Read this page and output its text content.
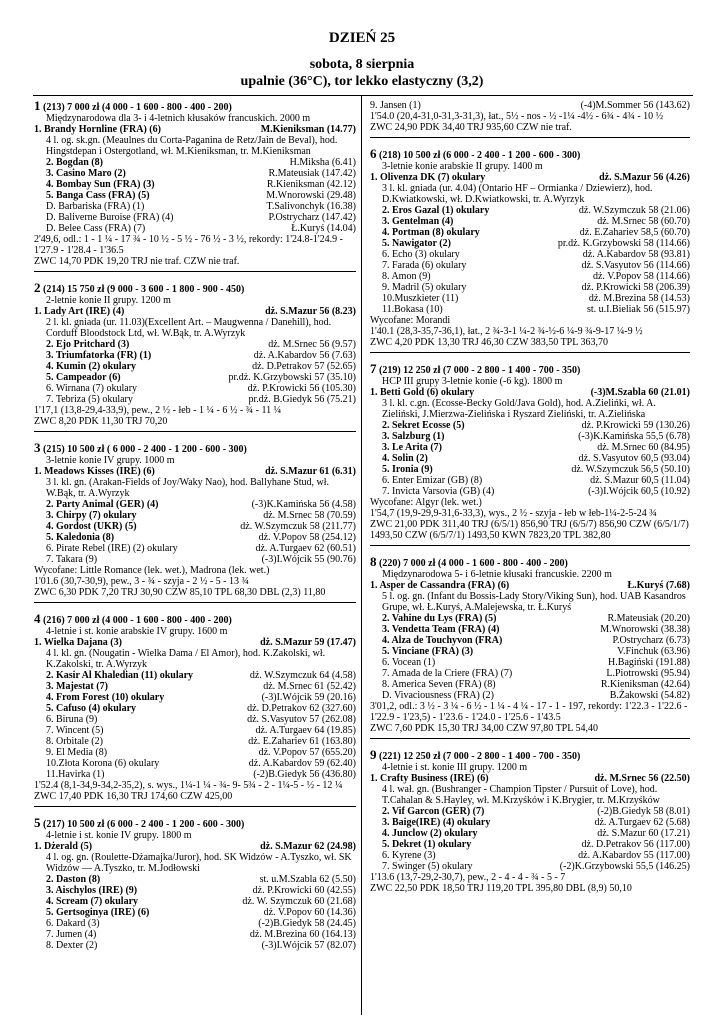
DZIEŃ 25
sobota, 8 sierpnia
upalnie (36°C), tor lekko elastyczny (3,2)
1 (213) 7 000 zł (4 000 - 1 600 - 800 - 400 - 200)
Międzynarodowa dla 3- i 4-letnich kłusaków francuskich. 2000 m
1. Brandy Hornline (FRA) (6)	M.Kieniksman (14.77)
4 l. og. sk.gn. (Meaulnes du Corta-Paganina de Retz/Jain de Beval), hod. Hingstdepan i Ostergotland, wł. M.Kieniksman, tr. M.Kieniksman
2. Bogdan (8)	H.Miksha (6.41)
3. Casino Maro (2)	R.Mateusiak (147.42)
4. Bombay Sun (FRA) (3)	R.Kieniksman (42.12)
5. Banga Cass (FRA) (5)	M.Wnorowski (29.48)
D. Barbariska (FRA) (1)	T.Salivonchyk (16.38)
D. Baliverne Buroise (FRA) (4)	P.Ostrycharz (147.42)
D. Belee Cass (FRA) (7)	Ł.Kuryś (14.04)
2'49,6, odl.: 1 - 1 ¼ - 17 ¾ - 10 ½ - 5 ½ - 76 ½ - 3 ½, rekordy: 1'24.8-1'24.9 - 1'27.9 - 1'28.4 - 1'36.5
ZWC 14,70 PDK 19,20 TRJ nie traf. CZW nie traf.
2 (214) 15 750 zł (9 000 - 3 600 - 1 800 - 900 - 450)
2-letnie konie II grupy. 1200 m
1. Lady Art (IRE) (4)	dż. S.Mazur 56 (8.23)
2 l. kl. gniada (ur. 11.03)(Excellent Art. – Maugwenna / Danehill), hod. Corduff Bloodstock Ltd, wł. W.Bąk, tr. A.Wyrzyk
2. Ejo Pritchard (3)	dż. M.Srnec 56 (9.57)
3. Triumfatorka (FR) (1)	dż. A.Kabardov 56 (7.63)
4. Kumin (2) okulary	dż. D.Petrakov 57 (52.65)
5. Campeador (6)	pr.dż. K.Grzybowski 57 (35.10)
6. Wirnana (7) okulary	dż. P.Krowicki 56 (105.30)
7. Tebriza (5) okulary	pr.dż. B.Giedyk 56 (75.21)
1'17,1 (13,8-29,4-33,9), pew., 2 ½ - łeb - 1 ¼ - 6 ½ - ¾ - 11 ¼
ZWC 8,20 PDK 11,30 TRJ 70,20
3 (215) 10 500 zł ( 6 000 - 2 400 - 1 200 - 600 - 300)
3-letnie konie IV grupy. 1000 m
1. Meadows Kisses (IRE) (6)	dż. S.Mazur 61 (6.31)
3 l. kl. gn. (Arakan-Fields of Joy/Waky Nao), hod. Ballyhane Stud, wł. W.Bąk, tr. A.Wyrzyk
2. Party Animal (GER) (4)	(-3)K.Kamińska 56 (4.58)
3. Chirpy (7) okulary	dż. M.Srnec 58 (70.59)
4. Gordost (UKR) (5)	dż. W.Szymczuk 58 (211.77)
5. Kaledonia (8)	dż. V.Popov 58 (254.12)
6. Pirate Rebel (IRE) (2) okulary	dż. A.Turgaev 62 (60.51)
7. Takara (9)	(-3)I.Wójcik 55 (90.76)
Wycofane: Little Romance (lek. wet.), Madrona (lek. wet.)
1'01.6 (30,7-30,9), pew., 3 - ¾ - szyja - 2 ½ - 5 - 13 ¾
ZWC 6,30 PDK 7,20 TRJ 30,90 CZW 85,10 TPL 68,30 DBL (2,3) 11,80
4 (216) 7 000 zł (4 000 - 1 600 - 800 - 400 - 200)
4-letnie i st. konie arabskie IV grupy. 1600 m
1. Wielka Dajana (3)	dż. S.Mazur 59 (17.47)
4 l. kl. gn. (Nougatin - Wielka Dama / El Amor), hod. K.Zakolski, wł. K.Zakolski, tr. A.Wyrzyk
2. Kasir Al Khaledian (11) okulary	dż. W.Szymczuk 64 (4.58)
3. Majestat (7)	dż. M.Srnec 61 (52.42)
4. From Forest (10) okulary	(-3)I.Wójcik 59 (20.16)
5. Cafuso (4) okulary	dż. D.Petrakov 62 (327.60)
6. Biruna (9)	dż. S.Vasyutov 57 (262.08)
7. Wincent (5)	dż. A.Turgaev 64 (19.85)
8. Orbitale (2)	dż. E.Zahariev 61 (163.80)
9. El Media (8)	dż. V.Popov 57 (655.20)
10.Złota Korona (6) okulary	dż. A.Kabardov 59 (62.40)
11.Havirka (1)	(-2)B.Giedyk 56 (436.80)
1'52.4 (8,1-34,9-34,2-35,2), s. wys., 1¼-1 ¼ - ¾- 9- 5¾ - 2 - 1¼-5 - ½ - 12 ¼
ZWC 17,40 PDK 16,30 TRJ 174,60 CZW 425,00
5 (217) 10 500 zł (6 000 - 2 400 - 1 200 - 600 - 300)
4-letnie i st. konie IV grupy. 1800 m
1. Dżerald (5)	dż. S.Mazur 62 (24.98)
4 l. og. gn. (Roulette-Dżamajka/Juror), hod. SK Widzów - A.Tyszko, wł. SK Widzów — A.Tyszko, tr. M.Jodłowski
2. Daston (8)	st. u.M.Szabla 62 (5.50)
3. Aischylos (IRE) (9)	dż. P.Krowicki 60 (42.55)
4. Scream (7) okulary	dż. W. Szymczuk 60 (21.68)
5. Gertsoginya (IRE) (6)	dż. V.Popov 60 (14.36)
6. Dakard (3)	(-2)B.Giedyk 58 (24.45)
7. Jumen (4)	dż. M.Brezina 60 (164.13)
8. Dexter (2)	(-3)I.Wójcik 57 (82.07)
9. Jansen (1)	(-4)M.Sommer 56 (143.62)
1'54.0 (20,4-31,0-31,3-31,3), łat., 5½ - nos - ½ -1¼ -4½ - 6¾ - 4¾ - 10 ½
ZWC 24,90 PDK 34,40 TRJ 935,60 CZW nie traf.
6 (218) 10 500 zł (6 000 - 2 400 - 1 200 - 600 - 300)
3-letnie konie arabskie II grupy. 1400 m
1. Olivenza DK (7) okulary	dż. S.Mazur 56 (4.26)
3 l. kl. gniada (ur. 4.04) (Ontario HF – Ormianka / Dziewierz), hod. D.Kwiatkowski, wł. D.Kwiatkowski, tr. A.Wyrzyk
2. Eros Gazal (1) okulary	dż. W.Szymczuk 58 (21.06)
3. Gentelman (4)	dż. M.Srnec 58 (60.70)
4. Portman (8) okulary	dż. E.Zahariev 58,5 (60.70)
5. Nawigator (2)	pr.dż. K.Grzybowski 58 (114.66)
6. Echo (3) okulary	dż. A.Kabardov 58 (93.81)
7. Farada (6) okulary	dż. S.Vasyutov 56 (114.66)
8. Amon (9)	dż. V.Popov 58 (114.66)
9. Madril (5) okulary	dż. P.Krowicki 58 (206.39)
10.Muszkieter (11)	dż. M.Brezina 58 (14.53)
11.Bokasa (10)	st. u.I.Bieliak 56 (515.97)
Wycofane: Morandi
1'40.1 (28,3-35,7-36,1), łat., 2 ¾-3-1 ¼-2 ¾-½-6 ¼-9 ¾-9-17 ¼-9 ½
ZWC 4,20 PDK 13,30 TRJ 46,30 CZW 383,50 TPL 363,70
7 (219) 12 250 zł (7 000 - 2 800 - 1 400 - 700 - 350)
HCP III grupy 3-letnie konie (-6 kg). 1800 m
1. Betti Gold (6) okulary	(-3)M.Szabla 60 (21.01)
3 l. kl. c.gn. (Ecosse-Becky Gold/Java Gold), hod. A.Zielińki, wł. A. Zieliński, J.Mierzwa-Zielińska i Ryszard Zieliński, tr. A.Zielińska
2. Sekret Ecosse (5)	dż. P.Krowicki 59 (130.26)
3. Salzburg (1)	(-3)K.Kamińska 55,5 (6.78)
3. Le Arita (7)	dż. M.Srnec 60 (84.95)
4. Solin (2)	dż. S.Vasyutov 60,5 (93.04)
5. Ironia (9)	dż. W.Szymczuk 56,5 (50.10)
6. Enter Emizar (GB) (8)	dż. S.Mazur 60,5 (11.04)
7. Invicta Varsovia (GB) (4)	(-3)I.Wójcik 60,5 (10.92)
Wycofane: Algyr (lek. wet.)
1'54,7 (19,9-29,9-31,6-33,3), wys., 2 ½ - szyja - łeb w łeb-1¼-2-5-24 ¾
ZWC 21,00 PDK 311,40 TRJ (6/5/1) 856,90 TRJ (6/5/7) 856,90 CZW (6/5/1/7) 1493,50 CZW (6/5/7/1) 1493,50 KWN 7823,20 TPL 382,80
8 (220) 7 000 zł (4 000 - 1 600 - 800 - 400 - 200)
Międzynarodowa 5- i 6-letnie kłusaki francuskie. 2200 m
1. Asper de Cassandra (FRA) (6)	Ł.Kuryś (7.68)
5 l. og. gn. (Infant du Bossis-Lady Story/Viking Sun), hod. UAB Kasandros Grupe, wł. Ł.Kuryś, A.Malejewska, tr. Ł.Kuryś
2. Vahine du Lys (FRA) (5)	R.Mateusiak (20.20)
3. Vendetta Team (FRA) (4)	M.Wnorowski (38.38)
4. Alza de Touchyvon (FRA)	P.Ostrycharz (6.73)
5. Vinciane (FRA) (3)	V.Finchuk (63.96)
6. Vocean (1)	H.Bagiński (191.88)
7. Amada de la Criere (FRA) (7)	L.Piotrowski (95.94)
8. America Seven (FRA) (8)	R.Kieniksman (42.64)
D. Vivaciousness (FRA) (2)	B.Żakowski (54.82)
3'01,2, odl.: 3 ½ - 3 ¼ - 6 ½ - 1 ¼ - 4 ¼ - 17 - 1 - 197, rekordy: 1'22.3 - 1'22.6 - 1'22.9 - 1'23,5) - 1'23.6 - 1'24.0 - 1'25.6 - 1'43.5
ZWC 7,60 PDK 15,30 TRJ 34,00 CZW 97,80 TPL 54,40
9 (221) 12 250 zł (7 000 - 2 800 - 1 400 - 700 - 350)
4-letnie i st. konie III grupy. 1200 m
1. Crafty Business (IRE) (6)	dż. M.Srnec 56 (22.50)
4 l. wał. gn. (Bushranger - Champion Tipster / Pursuit of Love), hod. T.Cahalan & S.Hayley, wł. M.Krzyśków i K.Brygier, tr. M.Krzyśków
2. Vif Garcon (GER) (7)	(-2)B.Giedyk 58 (8.01)
3. Baige(IRE) (4) okulary	dż. A.Turgaev 62 (5.68)
4. Junclow (2) okulary	dż. S.Mazur 60 (17.21)
5. Dekret (1) okulary	dż. D.Petrakov 56 (117.00)
6. Kyrene (3)	dż. A.Kabardov 55 (117.00)
7. Swinger (5) okulary	(-2)K.Grzybowski 55,5 (146.25)
1'13.6 (13,7-29,2-30,7), pew., 2 - 4 - 4 - ¾ - 5 - 7
ZWC 22,50 PDK 18,50 TRJ 119,20 TPL 395,80 DBL (8,9) 50,10
